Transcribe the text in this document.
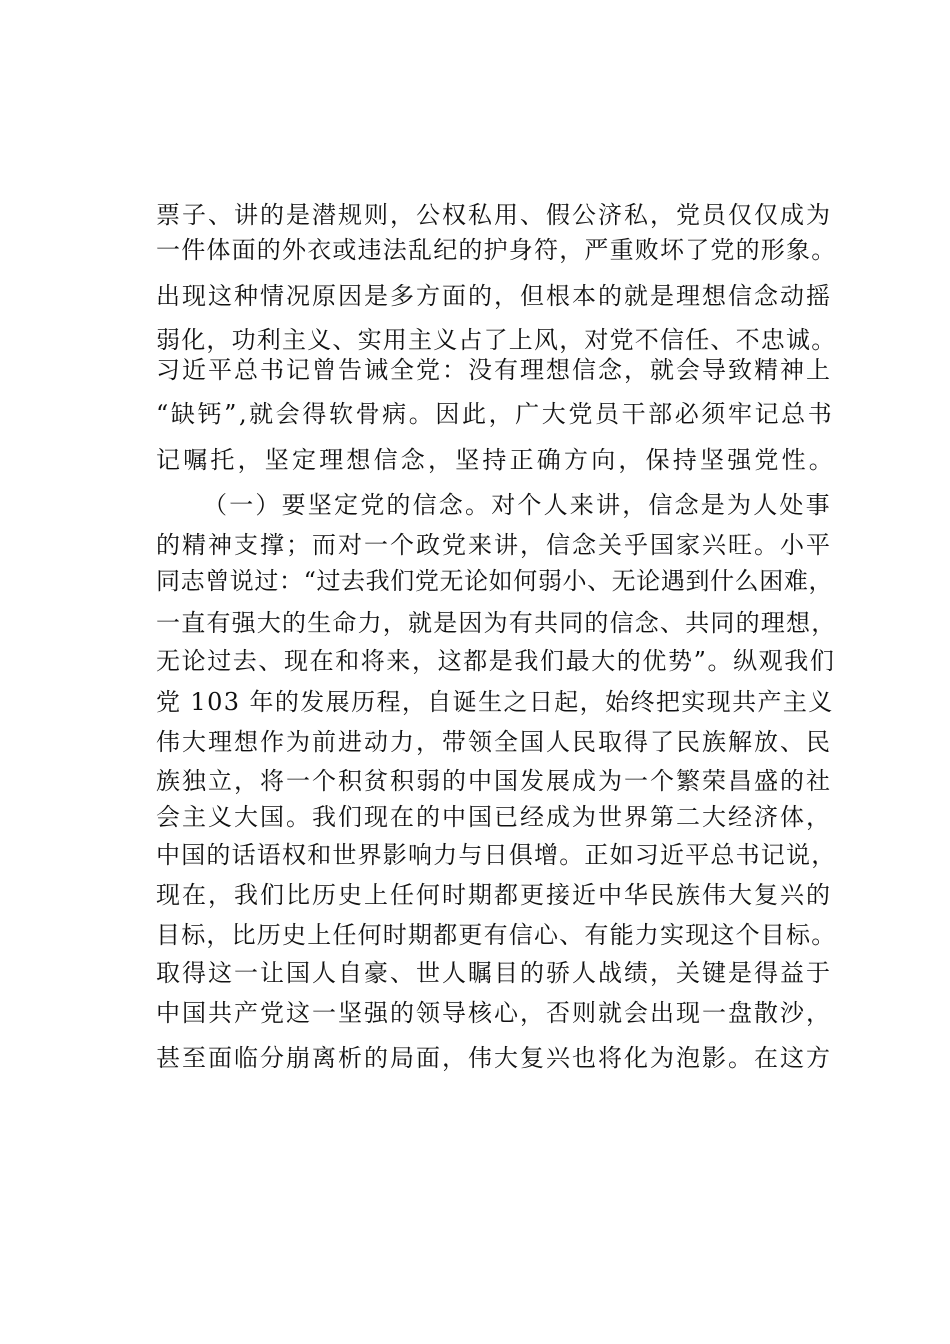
票子、讲的是潜规则，公权私用、假公济私，党员仅仅成为
一件体面的外衣或违法乱纪的护身符，严重败坏了党的形象。
出现这种情况原因是多方面的，但根本的就是理想信念动摇
弱化，功利主义、实用主义占了上风，对党不信任、不忠诚。
习近平总书记曾告诫全党：没有理想信念，就会导致精神上
“缺钙”,就会得软骨病。因此，广大党员干部必须牢记总书
记嘱托，坚定理想信念，坚持正确方向，保持坚强党性。
（一）要坚定党的信念。对个人来讲，信念是为人处事
的精神支撑；而对一个政党来讲，信念关乎国家兴旺。小平
同志曾说过：“过去我们党无论如何弱小、无论遇到什么困难，
一直有强大的生命力，就是因为有共同的信念、共同的理想，
无论过去、现在和将来，这都是我们最大的优势”。纵观我们
党 103 年的发展历程，自诞生之日起，始终把实现共产主义
伟大理想作为前进动力，带领全国人民取得了民族解放、民
族独立，将一个积贫积弱的中国发展成为一个繁荣昌盛的社
会主义大国。我们现在的中国已经成为世界第二大经济体，
中国的话语权和世界影响力与日俱增。正如习近平总书记说，
现在，我们比历史上任何时期都更接近中华民族伟大复兴的
目标，比历史上任何时期都更有信心、有能力实现这个目标。
取得这一让国人自豪、世人瞩目的骄人战绩，关键是得益于
中国共产党这一坚强的领导核心，否则就会出现一盘散沙，
甚至面临分崩离析的局面，伟大复兴也将化为泡影。在这方
